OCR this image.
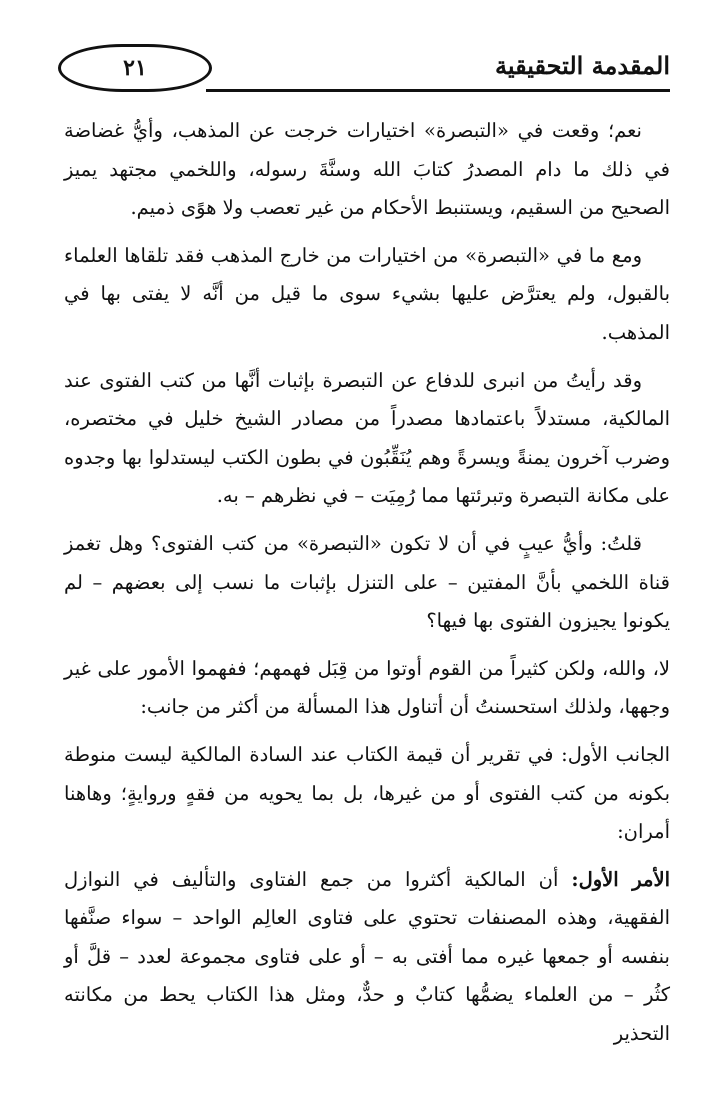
٢١	المقدمة التحقيقية

نعم؛ وقعت في «التبصرة» اختيارات خرجت عن المذهب، وأيُّ غضاضة في ذلك ما دام المصدرُ كتابَ الله وسنَّةَ رسوله، واللخمي مجتهد يميز الصحيح من السقيم، ويستنبط الأحكام من غير تعصب ولا هوًى ذميم.

ومع ما في «التبصرة» من اختيارات من خارج المذهب فقد تلقاها العلماء بالقبول، ولم يعترَّض عليها بشيء سوى ما قيل من أنَّه لا يفتى بها في المذهب.

وقد رأيتُ من انبرى للدفاع عن التبصرة بإثبات أنَّها من كتب الفتوى عند المالكية، مستدلاً باعتمادها مصدراً من مصادر الشيخ خليل في مختصره، وضرب آخرون يمنةً ويسرةً وهم يُنَقِّبُون في بطون الكتب ليستدلوا بها وجدوه على مكانة التبصرة وتبرئتها مما رُمِيَت – في نظرهم – به.

قلتُ: وأيُّ عيبٍ في أن لا تكون «التبصرة» من كتب الفتوى؟ وهل تغمز قناة اللخمي بأنَّ المفتين – على التنزل بإثبات ما نسب إلى بعضهم – لم يكونوا يجيزون الفتوى بها فيها؟

لا، والله، ولكن كثيراً من القوم أوتوا من قِبَل فهمهم؛ ففهموا الأمور على غير وجهها، ولذلك استحسنتُ أن أتناول هذا المسألة من أكثر من جانب:

الجانب الأول: في تقرير أن قيمة الكتاب عند السادة المالكية ليست منوطة بكونه من كتب الفتوى أو من غيرها، بل بما يحويه من فقهٍ وروايةٍ؛ وهاهنا أمران:

الأمر الأول: أن المالكية أكثروا من جمع الفتاوى والتأليف في النوازل الفقهية، وهذه المصنفات تحتوي على فتاوى العالِم الواحد – سواء صنَّفها بنفسه أو جمعها غيره مما أفتى به – أو على فتاوى مجموعة لعدد – قلَّ أو كثُر – من العلماء يضمُّها كتابٌ و حدٌّ، ومثل هذا الكتاب يحط من مكانته التحذير
